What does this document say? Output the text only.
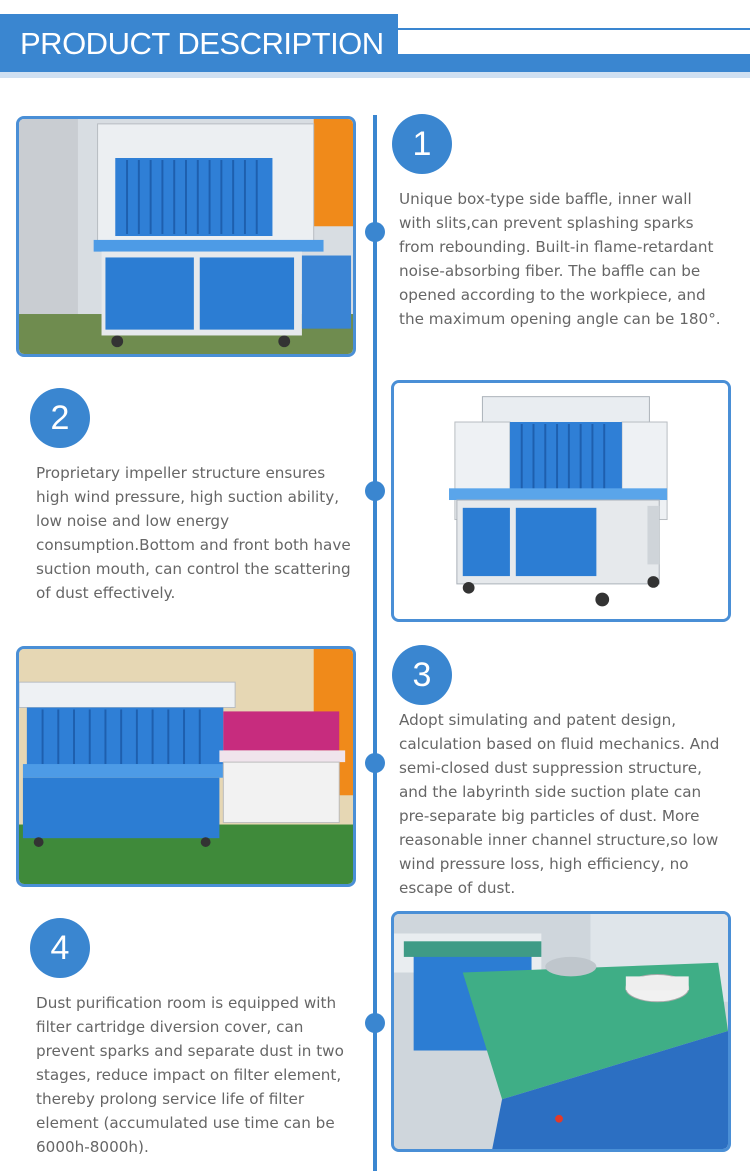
PRODUCT DESCRIPTION
1
Unique box-type side baffle, inner wall with slits,can prevent splashing sparks from rebounding. Built-in flame-retardant noise-absorbing fiber. The baffle can be opened according to the workpiece, and the maximum opening angle can be 180°.
2
Proprietary impeller structure ensures high wind pressure, high suction ability, low noise and low energy consumption.Bottom and front both have suction mouth, can control the scattering of dust effectively.
3
Adopt simulating and patent design, calculation based on fluid mechanics. And semi-closed dust suppression structure, and the labyrinth side suction plate can pre-separate big particles of dust. More reasonable inner channel structure,so low wind pressure loss, high efficiency, no escape of dust.
4
Dust purification room is equipped with filter cartridge diversion cover, can prevent sparks and separate dust in two stages, reduce impact on filter element, thereby prolong service life of filter element (accumulated use time can be 6000h-8000h).
